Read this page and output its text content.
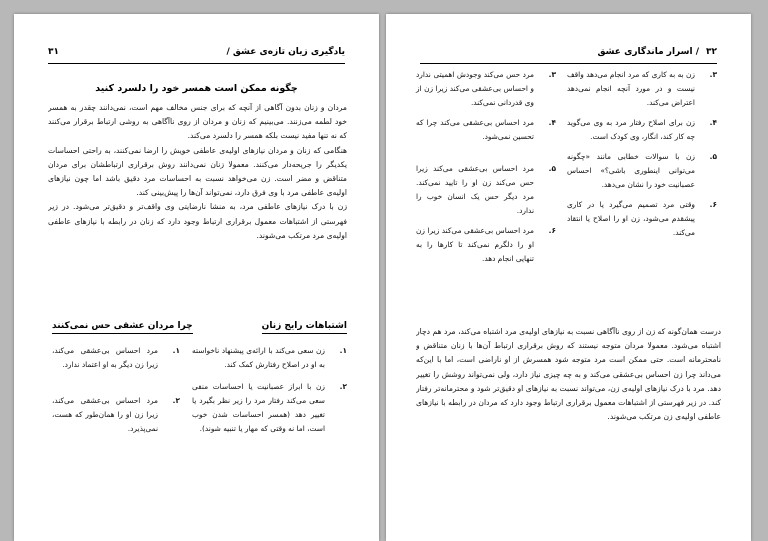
یادگیری زبان تازه‌ی عشق /
۳۱
چگونه ممکن است همسر خود را دلسرد کنید

مردان و زنان بدون آگاهی از آنچه که برای جنس مخالف مهم است، نمی‌دانند چقدر به همسر خود لطمه می‌زنند. می‌بینیم که زنان و مردان از روی ناآگاهی به روشی ارتباط برقرار می‌کنند که نه تنها مفید نیست بلکه همسر را دلسرد می‌کند.

هنگامی که زنان و مردان نیازهای اولیه‌ی عاطفی خویش را ارضا نمی‌کنند، به راحتی احساسات یکدیگر را جریحه‌دار می‌کنند. معمولا زنان نمی‌دانند روش برقراری ارتباطشان برای مردان متناقض و مضر است. زن می‌خواهد نسبت به احساسات مرد دقیق باشد اما چون نیازهای اولیه‌ی عاطفی مرد با وی فرق دارد، نمی‌تواند آن‌ها را پیش‌بینی کند.

زن با درک نیازهای عاطفی مرد، به منشا نارضایتی وی واقف‌تر و دقیق‌تر می‌شود. در زیر فهرستی از اشتباهات معمول برقراری ارتباط وجود دارد که زنان در رابطه با نیازهای عاطفی اولیه‌ی مرد مرتکب می‌شوند.

اشتباهات رایج زنان
چرا مردان عشقی حس نمی‌کنند
۱.
زن سعی می‌کند با ارائه‌ی پیشنهاد ناخواسته به او در اصلاح رفتارش کمک کند.
۲.
زن با ابراز عصبانیت یا احساسات منفی سعی می‌کند رفتار مرد را زیر نظر بگیرد یا تغییر دهد (همسر احساسات شدن خوب است، اما نه وقتی که مهار یا تنبیه شوند).
۱.
مرد احساس بی‌عشقی می‌کند، زیرا زن دیگر به او اعتماد ندارد.
۲.
مرد احساس بی‌عشقی می‌کند، زیرا زن او را همان‌طور که هست، نمی‌پذیرد.
۳۲
/ اسرار ماندگاری عشق
۳.
زن به به کاری که مرد انجام می‌دهد واقف نیست و در مورد آنچه انجام نمی‌دهد اعتراض می‌کند.
۴.
زن برای اصلاح رفتار مرد به وی می‌گوید چه کار کند، انگار، وی کودک است.
۵.
زن با سوالات خطابی مانند «چگونه می‌توانی اینطوری باشی؟» احساس عصبانیت خود را نشان می‌دهد.
۶.
وقتی مرد تصمیم می‌گیرد یا در کاری پیشقدم می‌شود، زن او را اصلاح یا انتقاد می‌کند.
۳.
مرد حس می‌کند وجودش اهمیتی ندارد و احساس بی‌عشقی می‌کند زیرا زن از وی قدردانی نمی‌کند.
۴.
مرد احساس بی‌عشقی می‌کند چرا که تحسین نمی‌شود.
۵.
مرد احساس بی‌عشقی می‌کند زیرا حس می‌کند زن او را تایید نمی‌کند. مرد دیگر حس یک انسان خوب را ندارد.
۶.
مرد احساس بی‌عشقی می‌کند زیرا زن او را دلگرم نمی‌کند تا کارها را به تنهایی انجام دهد.

درست همان‌گونه که زن از روی ناآگاهی نسبت به نیازهای اولیه‌ی مرد اشتباه می‌کند، مرد هم دچار اشتباه می‌شود. معمولا مردان متوجه نیستند که روش برقراری ارتباط آن‌ها با زنان متناقض و نامحترمانه است. حتی ممکن است مرد متوجه شود همسرش از او ناراضی است، اما با این‌که می‌داند چرا زن احساس بی‌عشقی می‌کند و به چه چیزی نیاز دارد، ولی نمی‌تواند روشش را تغییر دهد. مرد با درک نیازهای اولیه‌ی زن، می‌تواند نسبت به نیازهای او دقیق‌تر شود و محترمانه‌تر رفتار کند. در زیر فهرستی از اشتباهات معمول برقراری ارتباط وجود دارد که مردان در رابطه با نیازهای عاطفی اولیه‌ی زن مرتکب می‌شوند.
